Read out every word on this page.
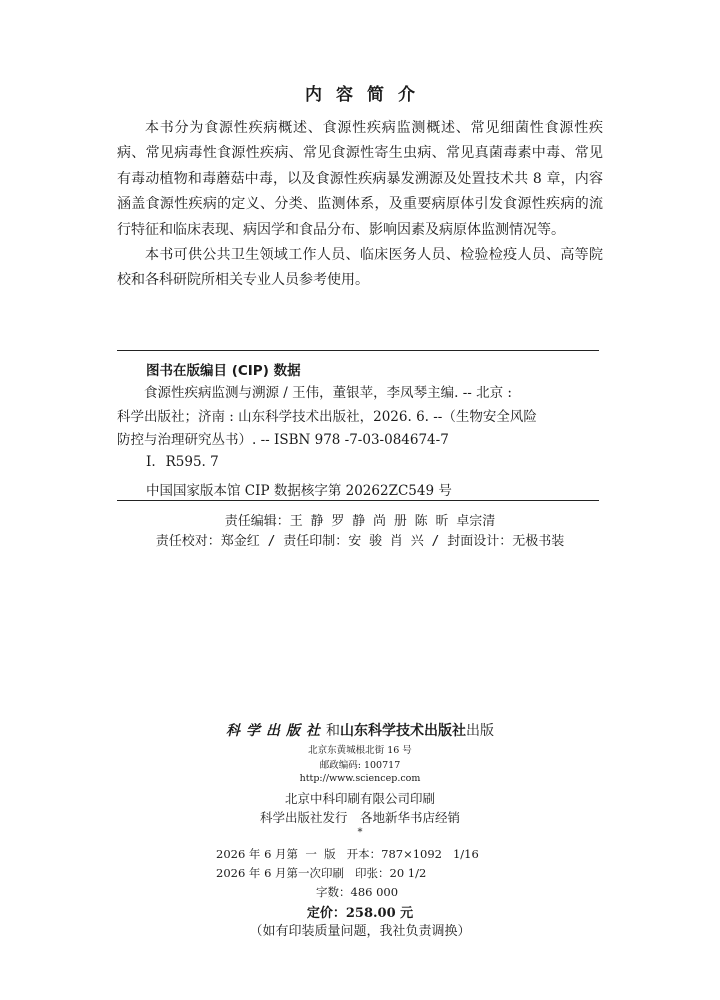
内容简介

本书分为食源性疾病概述、食源性疾病监测概述、常见细菌性食源性疾病、常见病毒性食源性疾病、常见食源性寄生虫病、常见真菌毒素中毒、常见有毒动植物和毒蘑菇中毒，以及食源性疾病暴发溯源及处置技术共 8 章，内容涵盖食源性疾病的定义、分类、监测体系，及重要病原体引发食源性疾病的流行特征和临床表现、病因学和食品分布、影响因素及病原体监测情况等。

本书可供公共卫生领域工作人员、临床医务人员、检验检疫人员、高等院校和各科研院所相关专业人员参考使用。

图书在版编目 (CIP) 数据
　　食源性疾病监测与溯源 / 王伟，董银苹，李凤琴主编. -- 北京 :
科学出版社；济南 : 山东科学技术出版社，2026. 6. --（生物安全风险
防控与治理研究丛书）. -- ISBN 978 -7-03-084674-7
Ⅰ. R595. 7
中国国家版本馆 CIP 数据核字第 20262ZC549 号
责任编辑：王 静 罗 静 尚 册 陈 昕 卓宗清
责任校对：郑金红 / 责任印制：安 骏 肖 兴 / 封面设计：无极书装
科学出版社和山东科学技术出版社出版
北京东黄城根北街 16 号
邮政编码: 100717
http://www.sciencep.com
北京中科印刷有限公司印刷
科学出版社发行　各地新华书店经销
*
2026 年 6 月第  一  版   开本：787×1092   1/16
2026 年 6 月第一次印刷   印张：20 1/2
字数：486 000
定价：258.00 元
（如有印装质量问题，我社负责调换）
